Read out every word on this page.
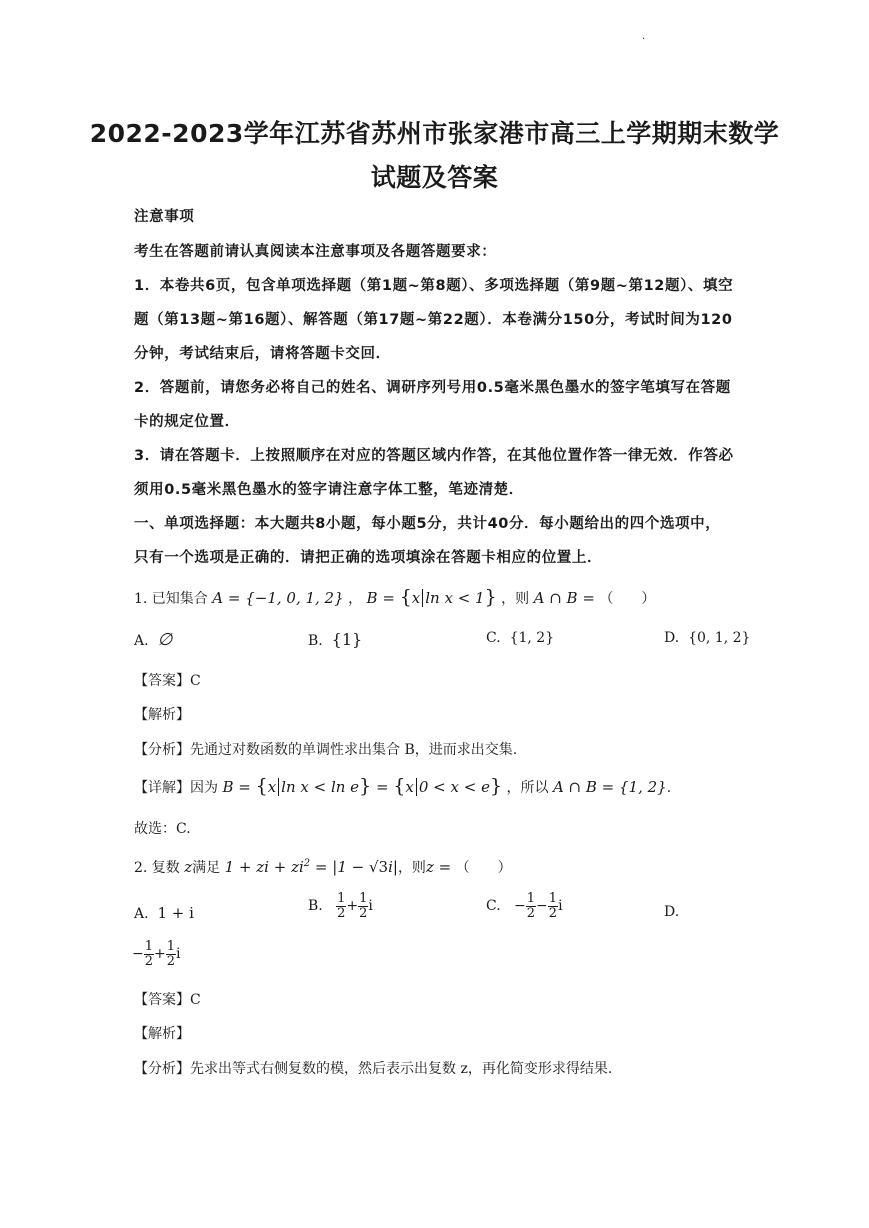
·
2022-2023学年江苏省苏州市张家港市高三上学期期末数学
试题及答案
注意事项
考生在答题前请认真阅读本注意事项及各题答题要求：
1．本卷共6页，包含单项选择题（第1题~第8题）、多项选择题（第9题~第12题）、填空
题（第13题~第16题）、解答题（第17题~第22题）．本卷满分150分，考试时间为120
分钟，考试结束后，请将答题卡交回．
2．答题前，请您务必将自己的姓名、调研序列号用0.5毫米黑色墨水的签字笔填写在答题
卡的规定位置．
3．请在答题卡．上按照顺序在对应的答题区域内作答，在其他位置作答一律无效．作答必
须用0.5毫米黑色墨水的签字请注意字体工整，笔迹清楚．
一、单项选择题：本大题共8小题，每小题5分，共计40分．每小题给出的四个选项中，
只有一个选项是正确的．请把正确的选项填涂在答题卡相应的位置上．
1. 已知集合 A = {−1, 0, 1, 2} ， B = {x ln x < 1} ，则 A ∩ B = （　　）
A. ∅	B. {1}	C. {1, 2}	D. {0, 1, 2}
【答案】C
【解析】
【分析】先通过对数函数的单调性求出集合 B，进而求出交集.
【详解】因为 B = {x ln x < ln e} = {x 0 < x < e} ，所以 A ∩ B = {1, 2}.
故选：C.
2. 复数 z满足 1 + zi + $zi^2 = |1 - √3i|$，则z = （　　）
A. 1 + i	B. $\frac{1}{2} + \frac{1}{2}$ i	C. − $\frac{1}{2} - \frac{1}{2}$ i	D.
− $\frac{1}{2} + \frac{1}{2}$ i
【答案】C
【解析】
【分析】先求出等式右侧复数的模，然后表示出复数 z，再化简变形求得结果.
